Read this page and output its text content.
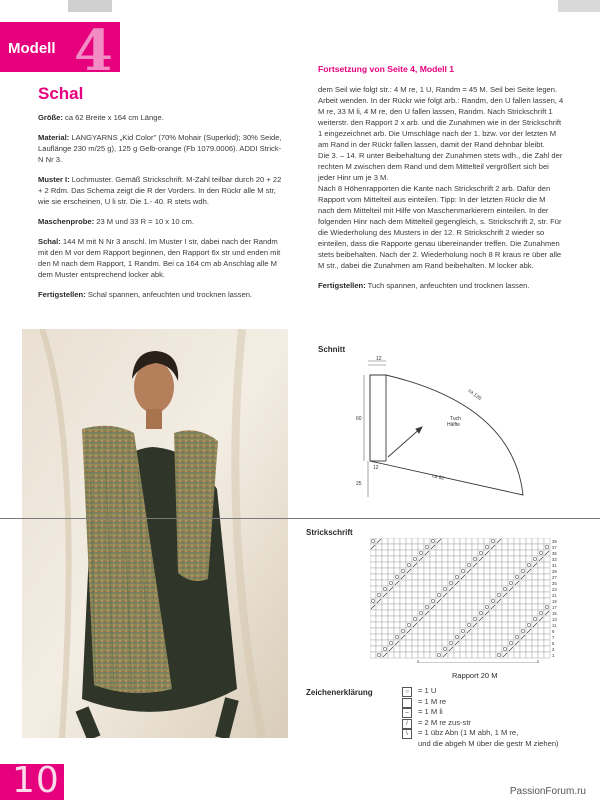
Modell 4	Fortsetzung von Seite 4, Modell 1
Schal

Größe: ca 62 Breite x 164 cm Länge.

Material: LANGYARNS „Kid Color" (70% Mohair (Superkid); 30% Seide, Lauflänge 230 m/25 g), 125 g Gelb-orange (Fb 1079.0006). ADDI Strick-N Nr 3.

Muster I: Lochmuster. Gemäß Strickschrift. M-Zahl teilbar durch 20 + 22 + 2 Rdm. Das Schema zeigt die R der Vorders. In den Rückr alle M str, wie sie erscheinen, U li str. Die 1.- 40. R stets wdh.

Maschenprobe: 23 M und 33 R = 10 x 10 cm.

Schal: 144 M mit N Nr 3 anschl. Im Muster I str, dabei nach der Randm mit den M vor dem Rapport beginnen, den Rapport 6x str und enden mit den M nach dem Rapport, 1 Randm. Bei ca 164 cm ab Anschlag alle M dem Muster entsprechend locker abk.

Fertigstellen: Schal spannen, anfeuchten und trocknen lassen.

dem Seil wie folgt str.: 4 M re, 1 U, Randm = 45 M. Seil bei Seite legen. Arbeit wenden. In der Rückr wie folgt arb.: Randm, den U fallen lassen, 4 M re, 33 M li, 4 M re, den U fallen lassen, Randm. Nach Strickschrift 1 weiterstr. den Rapport 2 x arb. und die Zunahmen wie in der Strickschrift 1 eingezeichnet arb. Die Umschläge nach der 1. bzw. vor der letzten M am Rand in der Rückr fallen lassen, damit der Rand dehnbar bleibt.

Die 3. – 14. R unter Beibehaltung der Zunahmen stets wdh., die Zahl der rechten M zwischen dem Rand und dem Mittelteil vergrößert sich bei jeder Hinr um je 3 M.

Nach 8 Höhenrapporten die Kante nach Strickschrift 2 arb. Dafür den Rapport vom Mittelteil aus einteilen. Tipp: In der letzten Rückr die M nach dem Mittelteil mit Hilfe von Maschenmarkierern einteilen. In der folgenden Hinr nach dem Mittelteil gegengleich, s. Strickschrift 2, str. Für die Wiederholung des Musters in der 12. R Strickschrift 2 wieder so einteilen, dass die Rapporte genau übereinander treffen. Die Zunahmen stets beibehalten. Nach der 2. Wiederholung noch 8 R kraus re über alle M str., dabei die Zunahmen am Rand beibehalten. M locker abk.

Fertigstellen: Tuch spannen, anfeuchten und trocknen lassen.

Schnitt
12
60
25
12
ca 126
ca 82
Tuch
Hälfte
Strickschrift
39
37
35
33
31
29
27
25
23
21
19
17
15
13
11
9
7
5
3
1
Rapport 20 M
Zeichenerklärung	○	= 1 U
= 1 M re
–	= 1 M li
/	= 2 M re zus-str
\	= 1 übz Abn (1 M abh, 1 M re,
und die abgeh M über die gestr M ziehen)
10	PassionForum.ru
